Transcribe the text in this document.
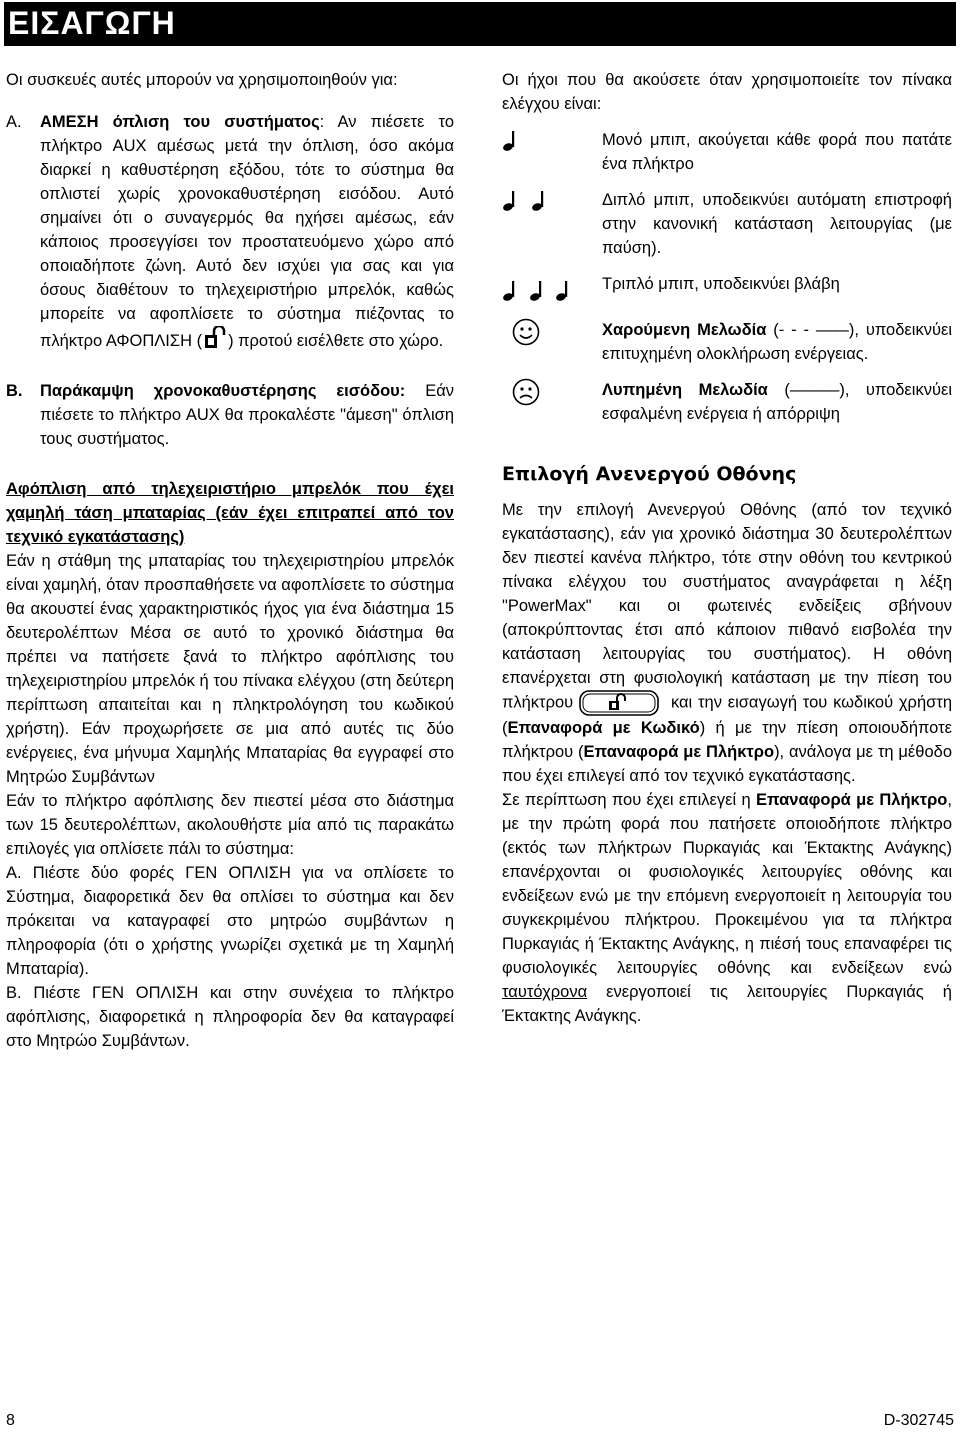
ΕΙΣΑΓΩΓΗ

Οι συσκευές αυτές μπορούν να χρησιμοποιηθούν για:

Α. ΑΜΕΣΗ όπλιση του συστήματος: Αν πιέσετε το πλήκτρο AUX αμέσως μετά την όπλιση, όσο ακόμα διαρκεί η καθυστέρηση εξόδου, τότε το σύστημα θα οπλιστεί χωρίς χρονοκαθυστέρηση εισόδου. Αυτό σημαίνει ότι ο συναγερμός θα ηχήσει αμέσως, εάν κάποιος προσεγγίσει τον προστατευόμενο χώρο από οποιαδήποτε ζώνη. Αυτό δεν ισχύει για σας και για όσους διαθέτουν το τηλεχειριστήριο μπρελόκ, καθώς μπορείτε να αφοπλίσετε το σύστημα πιέζοντας το πλήκτρο ΑΦΟΠΛΙΣΗ ( ) προτού εισέλθετε στο χώρο.

Β. Παράκαμψη χρονοκαθυστέρησης εισόδου: Εάν πιέσετε το πλήκτρο AUX θα προκαλέστε "άμεση" όπλιση τους συστήματος.

Αφόπλιση από τηλεχειριστήριο μπρελόκ που έχει χαμηλή τάση μπαταρίας (εάν έχει επιτραπεί από τον τεχνικό εγκατάστασης)

Εάν η στάθμη της μπαταρίας του τηλεχειριστηρίου μπρελόκ είναι χαμηλή, όταν προσπαθήσετε να αφοπλίσετε το σύστημα θα ακουστεί ένας χαρακτηριστικός ήχος για ένα διάστημα 15 δευτερολέπτων Μέσα σε αυτό το χρονικό διάστημα θα πρέπει να πατήσετε ξανά το πλήκτρο αφόπλισης του τηλεχειριστηρίου μπρελόκ ή του πίνακα ελέγχου (στη δεύτερη περίπτωση απαιτείται και η πληκτρολόγηση του κωδικού χρήστη). Εάν προχωρήσετε σε μια από αυτές τις δύο ενέργειες, ένα μήνυμα Χαμηλής Μπαταρίας θα εγγραφεί στο Μητρώο Συμβάντων

Εάν το πλήκτρο αφόπλισης δεν πιεστεί μέσα στο διάστημα των 15 δευτερολέπτων, ακολουθήστε μία από τις παρακάτω επιλογές για οπλίσετε πάλι το σύστημα:

Α. Πιέστε δύο φορές ΓΕΝ ΟΠΛΙΣΗ για να οπλίσετε το Σύστημα, διαφορετικά δεν θα οπλίσει το σύστημα και δεν πρόκειται να καταγραφεί στο μητρώο συμβάντων η πληροφορία (ότι ο χρήστης γνωρίζει σχετικά με τη Χαμηλή Μπαταρία).

Β. Πιέστε ΓΕΝ ΟΠΛΙΣΗ και στην συνέχεια το πλήκτρο αφόπλισης, διαφορετικά η πληροφορία δεν θα καταγραφεί στο Μητρώο Συμβάντων.

Οι ήχοι που θα ακούσετε όταν χρησιμοποιείτε τον πίνακα ελέγχου είναι:

Μονό μπιπ, ακούγεται κάθε φορά που πατάτε ένα πλήκτρο

Διπλό μπιπ, υποδεικνύει αυτόματη επιστροφή στην κανονική κατάσταση λειτουργίας (με παύση).

Τριπλό μπιπ, υποδεικνύει βλάβη
Χαρούμενη Μελωδία (- - - ——), υποδεικνύει επιτυχημένη ολοκλήρωση ενέργειας.
Λυπημένη Μελωδία (———), υποδεικνύει εσφαλμένη ενέργεια ή απόρριψη
Επιλογή Ανενεργού Οθόνης

Με την επιλογή Ανενεργού Οθόνης (από τον τεχνικό εγκατάστασης), εάν για χρονικό διάστημα 30 δευτερολέπτων δεν πιεστεί κανένα πλήκτρο, τότε στην οθόνη του κεντρικού πίνακα ελέγχου του συστήματος αναγράφεται η λέξη "PowerMax" και οι φωτεινές ενδείξεις σβήνουν (αποκρύπτοντας έτσι από κάποιον πιθανό εισβολέα την κατάσταση λειτουργίας του συστήματος). Η οθόνη επανέρχεται στη φυσιολογική κατάσταση με την πίεση του πλήκτρου	και την εισαγωγή του κωδικού χρήστη (Επαναφορά με Κωδικό) ή με την πίεση οποιουδήποτε πλήκτρου (Επαναφορά με Πλήκτρο), ανάλογα με τη μέθοδο που έχει επιλεγεί από τον τεχνικό εγκατάστασης.

Σε περίπτωση που έχει επιλεγεί η Επαναφορά με Πλήκτρο, με την πρώτη φορά που πατήσετε οποιοδήποτε πλήκτρο (εκτός των πλήκτρων Πυρκαγιάς και Έκτακτης Ανάγκης) επανέρχονται οι φυσιολογικές λειτουργίες οθόνης και ενδείξεων ενώ με την επόμενη ενεργοποιείτ η λειτουργία του συγκεκριμένου πλήκτρου. Προκειμένου για τα πλήκτρα Πυρκαγιάς ή Έκτακτης Ανάγκης, η πιέσή τους επαναφέρει τις φυσιολογικές λειτουργίες οθόνης και ενδείξεων ενώ ταυτόχρονα ενεργοποιεί τις λειτουργίες Πυρκαγιάς ή Έκτακτης Ανάγκης.

8	D-302745
